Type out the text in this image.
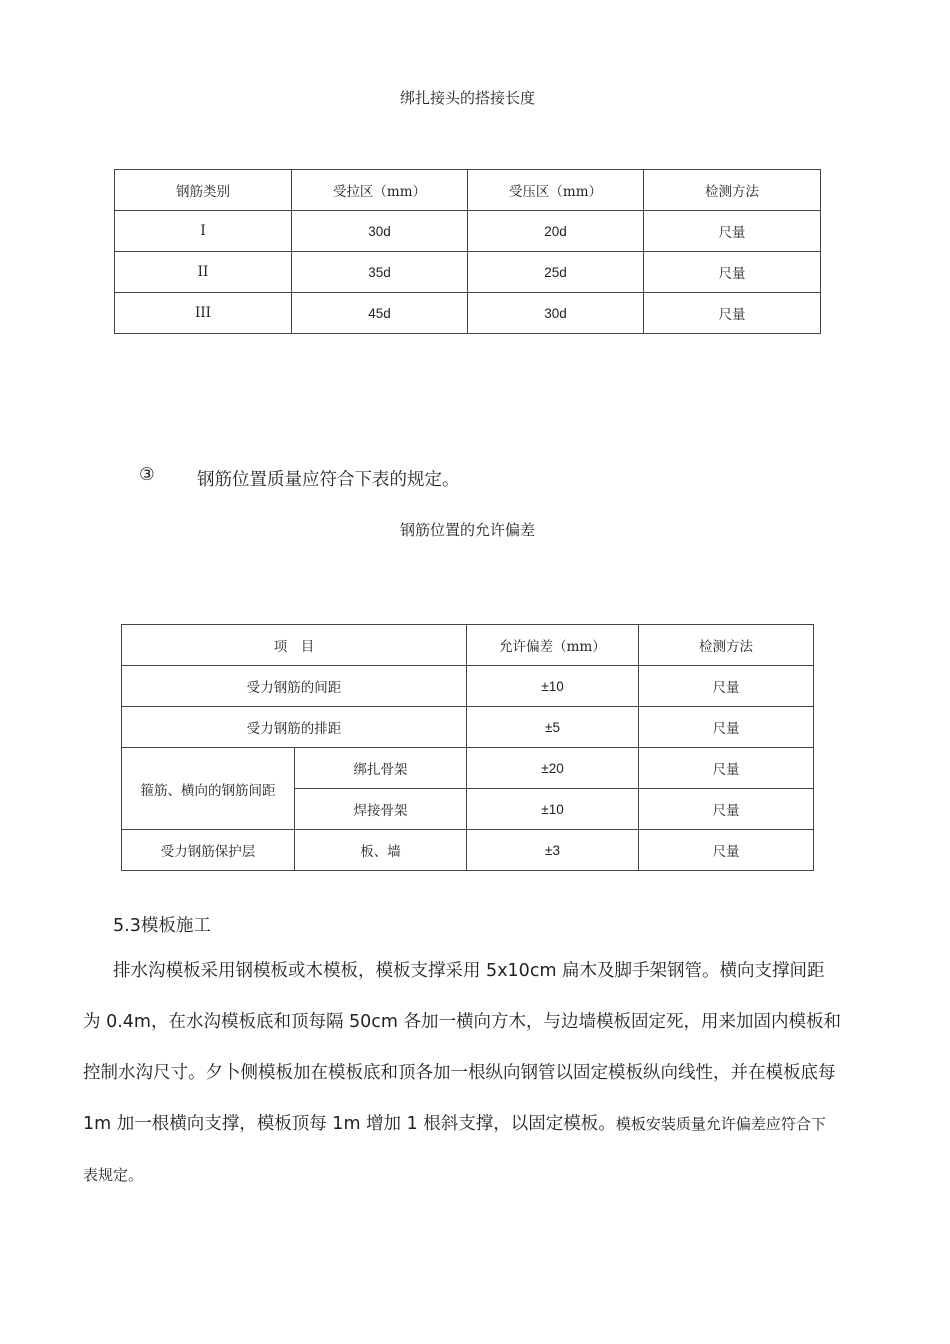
绑扎接头的搭接长度
钢筋类别	受拉区（mm）	受压区（mm）	检测方法
I	30d	20d	尺量
II	35d	25d	尺量
III	45d	30d	尺量
③ 钢筋位置质量应符合下表的规定。
钢筋位置的允许偏差
项　目		允许偏差（mm）	检测方法
受力钢筋的间距		±10	尺量
受力钢筋的排距		±5	尺量
箍筋、横向的钢筋间距	绑扎骨架	±20	尺量
	焊接骨架	±10	尺量
受力钢筋保护层	板、墙	±3	尺量
5.3模板施工
排水沟模板采用钢模板或木模板，模板支撑采用 5x10cm 扁木及脚手架钢管。横向支撑间距
为 0.4m，在水沟模板底和顶每隔 50cm 各加一横向方木，与边墙模板固定死，用来加固内模板和
控制水沟尺寸。夕卜侧模板加在模板底和顶各加一根纵向钢管以固定模板纵向线性，并在模板底每
1m 加一根横向支撑，模板顶每 1m 增加 1 根斜支撑，以固定模板。模板安装质量允许偏差应符合下
表规定。
